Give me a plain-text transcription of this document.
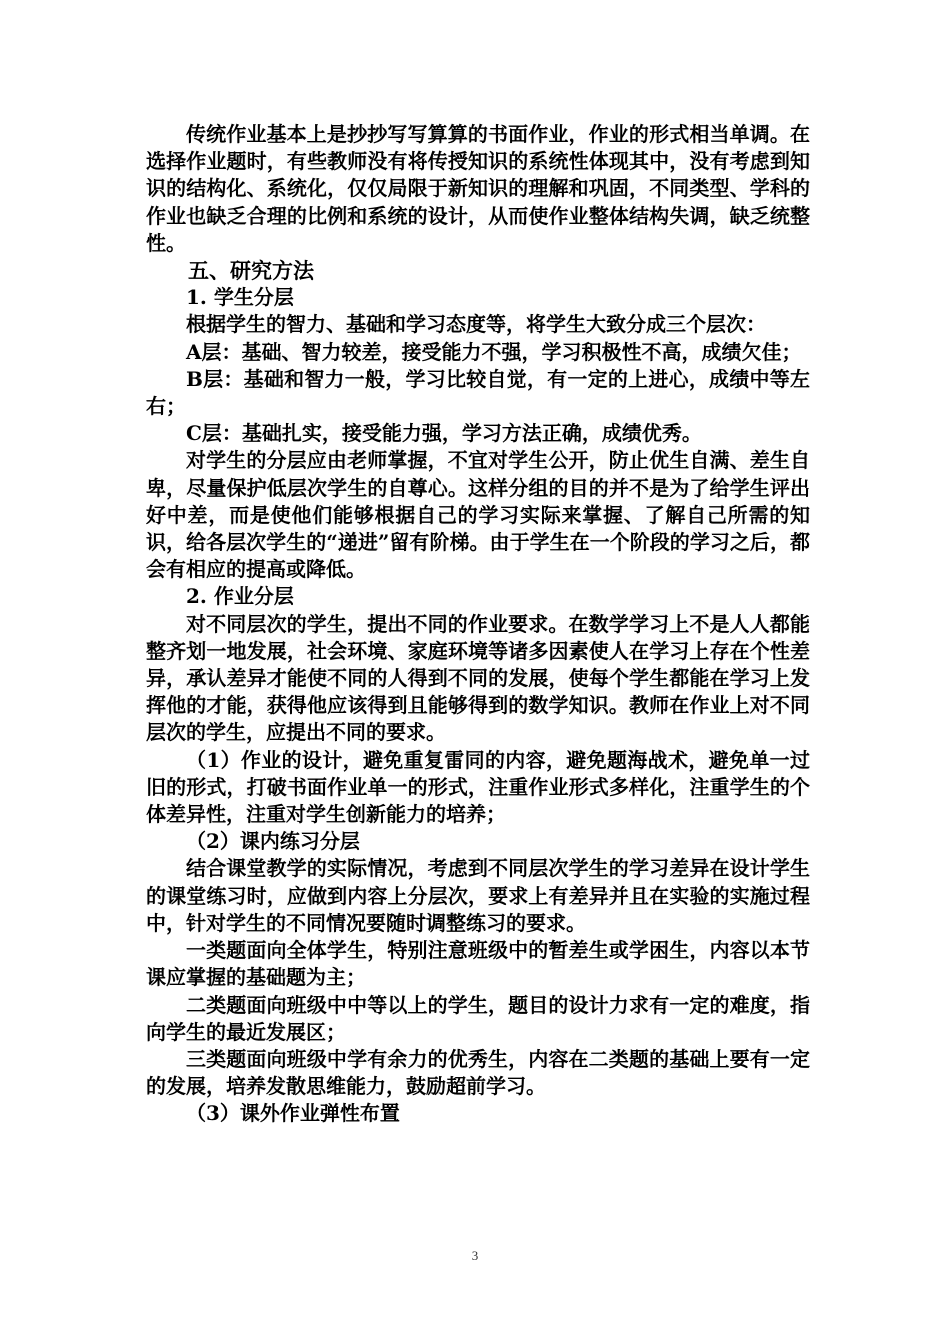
传统作业基本上是抄抄写写算算的书面作业，作业的形式相当单调。在选择作业题时，有些教师没有将传授知识的系统性体现其中，没有考虑到知识的结构化、系统化，仅仅局限于新知识的理解和巩固，不同类型、学科的作业也缺乏合理的比例和系统的设计，从而使作业整体结构失调，缺乏统整性。

五、研究方法

1. 学生分层

根据学生的智力、基础和学习态度等，将学生大致分成三个层次：

A层：基础、智力较差，接受能力不强，学习积极性不高，成绩欠佳；

B层：基础和智力一般，学习比较自觉，有一定的上进心，成绩中等左右；

C层：基础扎实，接受能力强，学习方法正确，成绩优秀。

对学生的分层应由老师掌握，不宜对学生公开，防止优生自满、差生自卑，尽量保护低层次学生的自尊心。这样分组的目的并不是为了给学生评出好中差，而是使他们能够根据自己的学习实际来掌握、了解自己所需的知识，给各层次学生的“递进”留有阶梯。由于学生在一个阶段的学习之后，都会有相应的提高或降低。

2. 作业分层

对不同层次的学生，提出不同的作业要求。在数学学习上不是人人都能整齐划一地发展，社会环境、家庭环境等诸多因素使人在学习上存在个性差异，承认差异才能使不同的人得到不同的发展，使每个学生都能在学习上发挥他的才能，获得他应该得到且能够得到的数学知识。教师在作业上对不同层次的学生，应提出不同的要求。

（1）作业的设计，避免重复雷同的内容，避免题海战术，避免单一过旧的形式，打破书面作业单一的形式，注重作业形式多样化，注重学生的个体差异性，注重对学生创新能力的培养；

（2）课内练习分层

结合课堂教学的实际情况，考虑到不同层次学生的学习差异在设计学生的课堂练习时，应做到内容上分层次，要求上有差异并且在实验的实施过程中，针对学生的不同情况要随时调整练习的要求。

一类题面向全体学生，特别注意班级中的暂差生或学困生，内容以本节课应掌握的基础题为主；

二类题面向班级中中等以上的学生，题目的设计力求有一定的难度，指向学生的最近发展区；

三类题面向班级中学有余力的优秀生，内容在二类题的基础上要有一定的发展，培养发散思维能力，鼓励超前学习。

（3）课外作业弹性布置

3
